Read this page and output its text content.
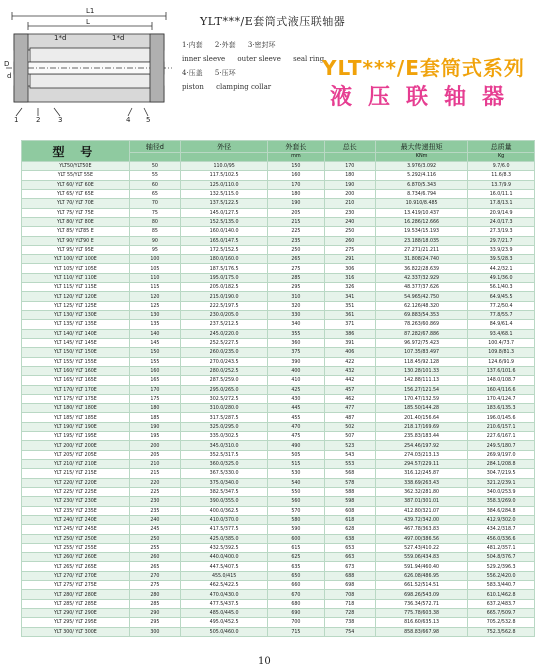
L1
L
1*d	1*d
D
d
1	2	3	4 5
YLT***/E套筒式液压联轴器
1·内套 2·外套 3·密封环
inner sleeve outer sleeve seal ring
4·压盖 5·压环
piston clamping collar
YLT***/E套筒式系列
液压联轴器
型 号	轴径d	外径	外套长	总长	最大传递扭矩	总质量
			mm		KNm	Kg
YLT50/YLT50E	50	110.0/95	150	170	3.976/3.092	9.7/6.0
YLT 55/YLT 55E	55	117.5/102.5	160	180	5.292/4.116	11.6/8.3
YLT 60/ YLT 60E	60	125.0/110.0	170	190	6.870/5.343	13.7/9.9
YLT 65/ YLT 65E	65	132.5/115.0	180	200	8.734/6.794	16.0/11.1
YLT 70/ YLT 70E	70	137.5/122.5	190	210	10.910/8.485	17.8/13.1
YLT 75/ YLT 75E	75	145.0/127.5	205	230	13.419/10.437	20.9/14.9
YLT 80/ YLT 80E	80	152.5/135.0	215	240	16.286/12.666	24.0/17.3
YLT 85/ YLT85 E	85	160.0/140.0	225	250	19.534/15.193	27.3/19.3
YLT 90/ YLT90 E	90	165.0/147.5	235	260	23.188/18.035	29.7/21.7
YLT 95/ YLT 95E	95	172.5/152.5	250	275	27.271/21.211	33.9/23.9
YLT 100/ YLT 100E	100	180.0/160.0	265	291	31.808/24.740	39.5/28.3
YLT 105/ YLT 105E	105	187.5/176.5	275	306	36.822/28.639	44.2/32.1
YLT 110/ YLT 110E	110	195.0/175.0	285	316	42.337/32.929	49.1/36.0
YLT 115/ YLT 115E	115	205.0/182.5	295	326	48.377/37.626	56.1/40.3
YLT 120/ YLT 120E	120	215.0/190.0	310	341	54.965/42.750	64.9/45.5
YLT 125/ YLT 125E	125	222.5/197.5	320	351	62.126/48.320	77.2/50.4
YLT 130/ YLT 130E	130	230.0/205.0	330	361	69.883/54.353	77.8/55.7
YLT 135/ YLT 135E	135	237.5/212.5	340	371	78.263/60.869	84.9/61.4
YLT 140/ YLT 140E	140	245.0/220.0	355	386	87.282/67.886	93.4/68.1
YLT 145/ YLT 145E	145	252.5/227.5	360	391	96.972/75.423	100.4/73.7
YLT 150/ YLT 150E	150	260.0/235.0	375	406	107.35/83.497	109.8/81.3
YLT 155/ YLT 155E	155	270.0/243.5	390	422	118.45/92.128	124.6/91.9
YLT 160/ YLT 160E	160	280.0/252.5	400	432	130.28/101.33	137.6/101.6
YLT 165/ YLT 165E	165	287.5/259.0	410	442	142.88/111.13	148.0/108.7
YLT 170/ YLT 170E	170	295.0/265.0	425	457	156.27/121.54	160.4/116.6
YLT 175/ YLT 175E	175	302.5/272.5	430	462	170.47/132.59	170.4/124.7
YLT 180/ YLT 180E	180	310.0/280.0	445	477	185.50/144.28	183.6/135.3
YLT 185/ YLT 185E	185	317.5/287.5	455	487	201.40/156.64	196.0/145.6
YLT 190/ YLT 190E	190	325.0/295.0	470	502	218.17/169.69	210.6/157.1
YLT 195/ YLT 195E	195	335.0/302.5	475	507	235.83/183.44	227.6/167.1
YLT 200/ YLT 200E	200	345.0/310.0	490	523	254.46/197.92	249.5/180.7
YLT 205/ YLT 205E	205	352.5/317.5	505	543	274.03/213.13	269.9/197.0
YLT 210/ YLT 210E	210	360.0/325.0	515	553	294.57/229.11	284.1/208.8
YLT 215/ YLT 215E	215	367.5/330.0	530	568	316.12/245.87	304.7/219.5
YLT 220/ YLT 220E	220	375.0/340.0	540	578	338.69/263.43	321.2/239.1
YLT 225/ YLT 225E	225	382.5/347.5	550	588	362.32/281.80	340.0/253.9
YLT 230/ YLT 230E	230	390.0/355.0	560	598	387.01/301.01	358.3/269.0
YLT 235/ YLT 235E	235	400.0/362.5	570	608	412.80/321.07	384.6/284.8
YLT 240/ YLT 240E	240	410.0/370.0	580	618	439.72/342.00	412.9/302.0
YLT 245/ YLT 245E	245	417.5/377.5	590	628	467.78/363.83	434.2/318.7
YLT 250/ YLT 250E	250	425.0/385.0	600	638	497.00/386.56	456.0/336.6
YLT 255/ YLT 255E	255	432.5/392.5	615	653	527.43/410.22	481.2/357.1
YLT 260/ YLT 260E	260	440.0/400.0	625	663	559.06/434.83	504.8/376.7
YLT 265/ YLT 265E	265	447.5/407.5	635	673	591.94/460.40	529.2/396.3
YLT 270/ YLT 270E	270	455.0/415	650	688	626.08/486.95	556.2/420.0
YLT 275/ YLT 275E	275	462.5/422.5	660	698	661.52/514.51	583.3/440.7
YLT 280/ YLT 280E	280	470.0/430.0	670	708	698.26/543.09	610.1/462.8
YLT 285/ YLT 285E	285	477.5/437.5	680	718	736.34/572.71	637.2/483.7
YLT 290/ YLT 290E	290	485.0/445.0	690	728	775.78/603.38	665.7/509.7
YLT 295/ YLT 295E	295	495.0/452.5	700	738	816.60/635.13	705.2/532.8
YLT 300/ YLT 300E	300	505.0/460.0	715	754	858.83/667.98	752.3/562.8
10
